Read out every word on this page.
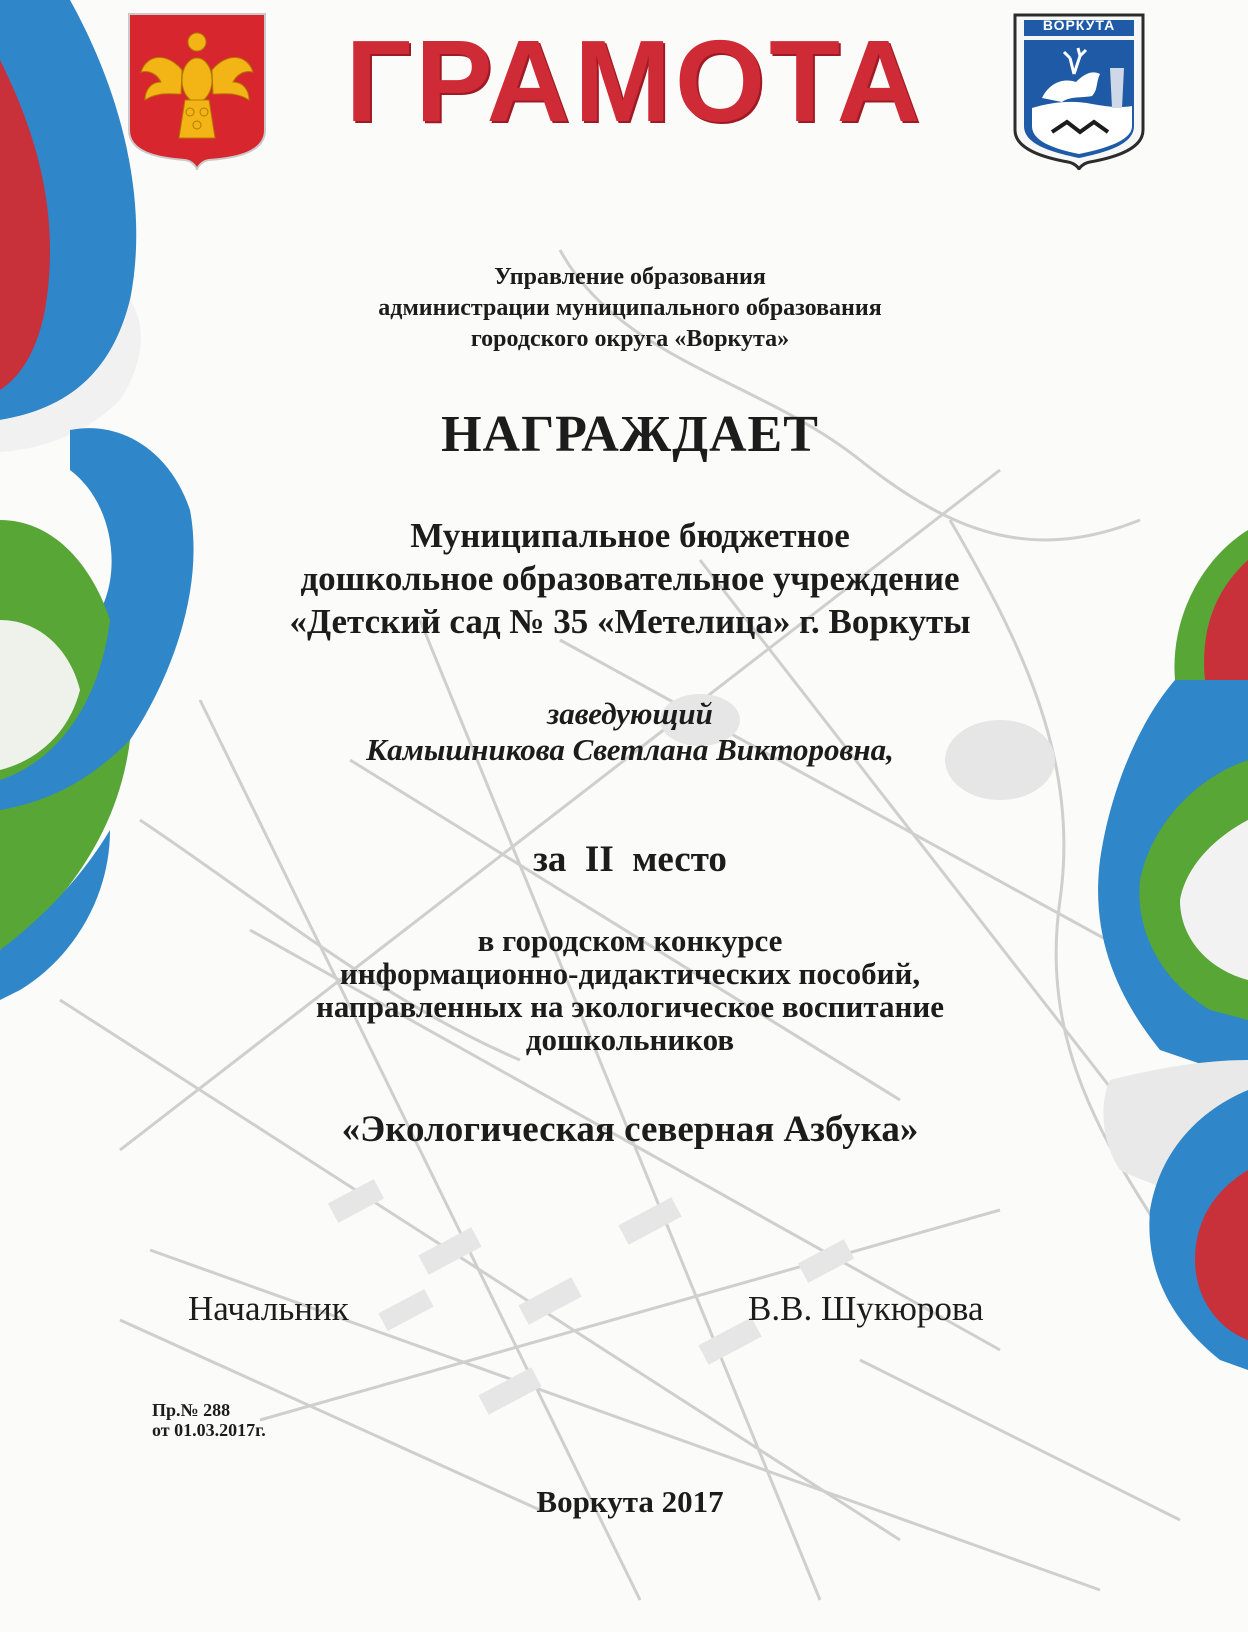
ГРАМОТА	ВОРКУТА
Управление образования
администрации муниципального образования
городского округа «Воркута»
НАГРАЖДАЕТ
Муниципальное бюджетное
дошкольное образовательное учреждение
«Детский сад № 35 «Метелица» г. Воркуты
заведующий
Камышникова Светлана Викторовна,
за  II  место
в городском конкурсе
информационно-дидактических пособий,
направленных на экологическое воспитание
дошкольников
«Экологическая северная Азбука»
Начальник	В.В. Шукюрова
Пр.№ 288
от 01.03.2017г.
Воркута 2017
